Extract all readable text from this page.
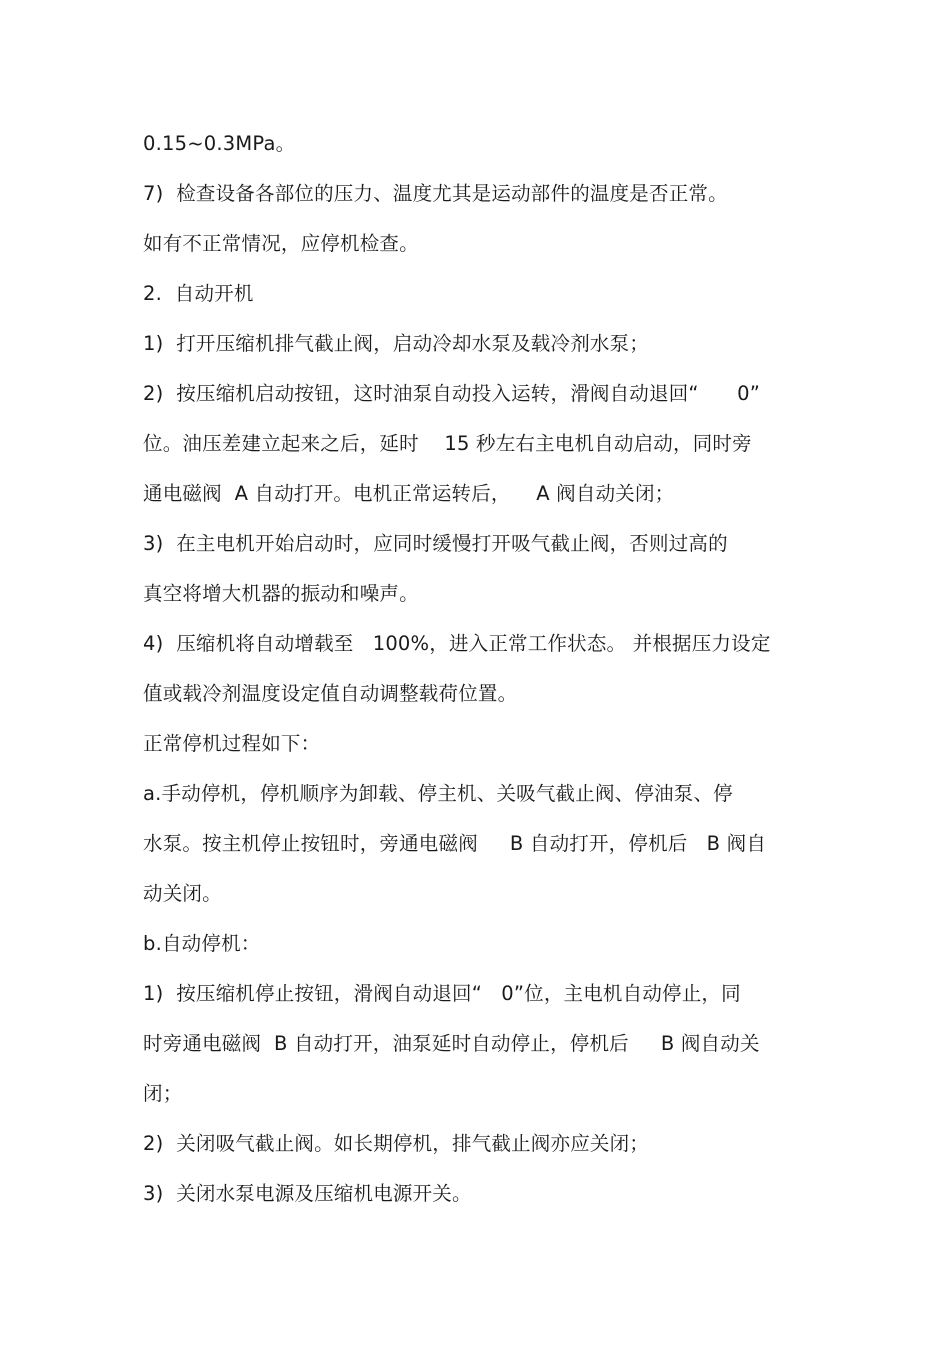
0.15~0.3MPa。
7)  检查设备各部位的压力、温度尤其是运动部件的温度是否正常。
如有不正常情况，应停机检查。
2.  自动开机
1)  打开压缩机排气截止阀，启动冷却水泵及载冷剂水泵；
2)  按压缩机启动按钮，这时油泵自动投入运转，滑阀自动退回“      0”
位。油压差建立起来之后，延时    15 秒左右主电机自动启动，同时旁
通电磁阀  A 自动打开。电机正常运转后，    A 阀自动关闭；
3)  在主电机开始启动时，应同时缓慢打开吸气截止阀，否则过高的
真空将增大机器的振动和噪声。
4)  压缩机将自动增载至   100%，进入正常工作状态。 并根据压力设定
值或载冷剂温度设定值自动调整载荷位置。
正常停机过程如下：
a.手动停机，停机顺序为卸载、停主机、关吸气截止阀、停油泵、停
水泵。按主机停止按钮时，旁通电磁阀     B 自动打开，停机后   B 阀自
动关闭。
b.自动停机：
1)  按压缩机停止按钮，滑阀自动退回“   0”位，主电机自动停止，同
时旁通电磁阀  B 自动打开，油泵延时自动停止，停机后     B 阀自动关
闭；
2)  关闭吸气截止阀。如长期停机，排气截止阀亦应关闭；
3)  关闭水泵电源及压缩机电源开关。
